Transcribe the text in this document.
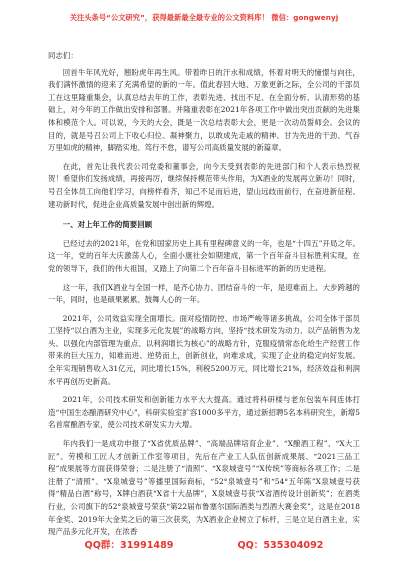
关注头条号“公文研究”，获得最新最全最专业的公文资料库！ 微信：gongwenyj

同志们：

回首牛年风光好，翘盼虎年再生风。带着昨日的汗水和成绩，怀着对明天的憧憬与向往，我们满怀激情的迎来了充满希望的新的一年。值此春回大地、万象更新之际，全公司的干部员工在这里隆重集会，认真总结去年的工作，表彰先进、找出不足、在全面分析、认清形势的基础上，对今年的工作做出安排和部署。并隆重表彰在2021年各项工作中做出突出贡献的先进集体和模范个人。可以说，今天的大会，既是一次总结表彰大会，更是一次动员誓师会。会议的目的，就是号召公司上下收心归位、凝神聚力，以敢成先走戚的精神、甘为先进的干劲、气吞万里如虎的精神，脚踏实地、笃行不怠，谱写公司高质量发展的新篇章。

在此，首先让我代表公司党委和董事会，向今天受到表彰的先进部门和个人表示热烈祝贺！希望你们发扬成绩，再接再厉，继续保持模范带头作用，为X酒业的发展再立新功！同时，号召全体员工向他们学习，向榜样看齐，知己不足而后进，望山远歧而前行，在奋进新征程、建功新时代，促进企业高质量发展中创出新的辉煌。

一、对上年工作的简要回顾

已经过去的2021年，在党和国家历史上具有里程碑意义的一年，也是“十四五”开局之年。这一年，党的百年大庆激荡人心，全面小康社会如期建成，第一个百年奋斗目标胜利实现，在党的领导下，我们的伟大祖国，又踏上了向第二个百年奋斗目标进军的新的历史进程。

这一年，我们X酒业与全国一样，是齐心协力、团结奋斗的一年，是迎难而上、大步跨越的一年，同时，也是硕果累累、鼓舞人心的一年。

2021年，公司效益实现全面增长。面对疫情防控、市场严峻等诸多挑战，公司全体干部员工坚持“以白酒为主业，实现多元化发展”的战略方向，坚持“技术研发为动力、以产品销售为龙头、以强化内部管理为重点、以利润增长为核心”的战略方针，克服疫情常态化给生产经营工作带来的巨大压力，知难而进、逆势而上，创新创业，向难求成，实现了企业的稳定向好发展。全年实现销售收入31亿元，同比增长15%，利税5200万元，同比增长21%，经济效益和利润水平再创历史新高。

2021年，公司技术研发和创新能力水平大大提高。通过将科研楼与老东包装车间连体打造“中国生态酿酒研究中心”，科研实验室扩容1000多平方，通过新招聘5名本科研究生，新增5名首席酿酒专家，使公司技术研发实力大增。

年内我们一是成功申报了“X省优质品牌”、“高端品牌培育企业”、“X酿酒工程”、“X大工匠”、劳模和工匠人才创新工作室等项目，先后在产业工人队伍创新成果展、“2021三品工程”成果展等方面获得荣誉；二是注册了“清照”、“X泉城壹号”“X传统”等商标各项工作；二是注册了“清照”、“X泉城壹号”等播里国际商标，“52°泉城壹号”和“54°五年陈”X泉城壹号获得“精品白酒”称号，X牌白酒获“X省十大品牌”，X泉城壹号获“X省酒传设计创新奖”；在酒类行业，公司旗下的52°泉城壹号荣获“第22届布鲁塞尔国际酒类与烈酒大赛金奖”，这是在2018年金奖、2019年大金奖之后的第三次获奖，为X酒业企业树立了标杆，三是立足白酒主业，实现产品多元化开发，在浓香

QQ群：31991489	QQ：535304092
